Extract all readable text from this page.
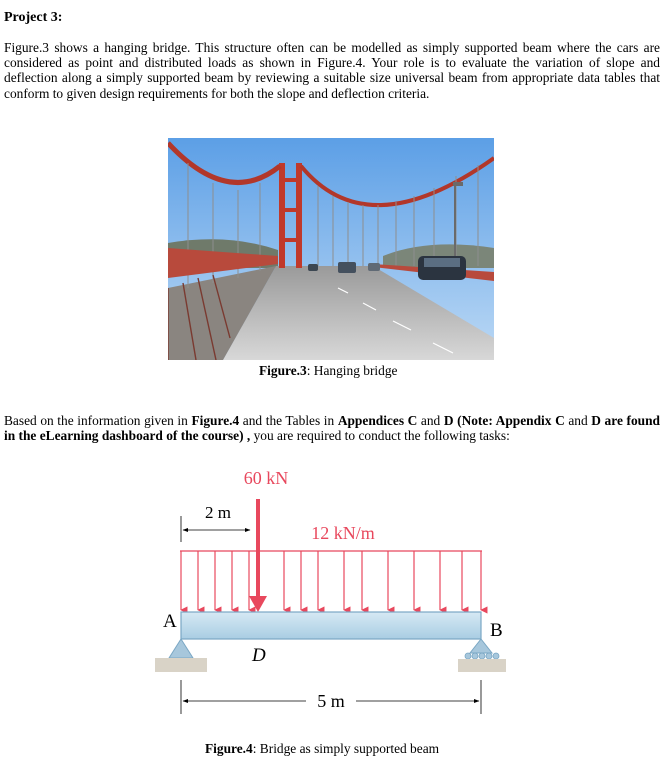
Project 3:

Figure.3 shows a hanging bridge. This structure often can be modelled as simply supported beam where the cars are considered as point and distributed loads as shown in Figure.4. Your role is to evaluate the variation of slope and deflection along a simply supported beam by reviewing a suitable size universal beam from appropriate data tables that conform to given design requirements for both the slope and deflection criteria.

Figure.3: Hanging bridge

Based on the information given in Figure.4 and the Tables in Appendices C and D (Note: Appendix C and D are found in the eLearning dashboard of the course) , you are required to conduct the following tasks:

60 kN
2 m
12 kN/m
A	B
D
5 m
Figure.4: Bridge as simply supported beam
